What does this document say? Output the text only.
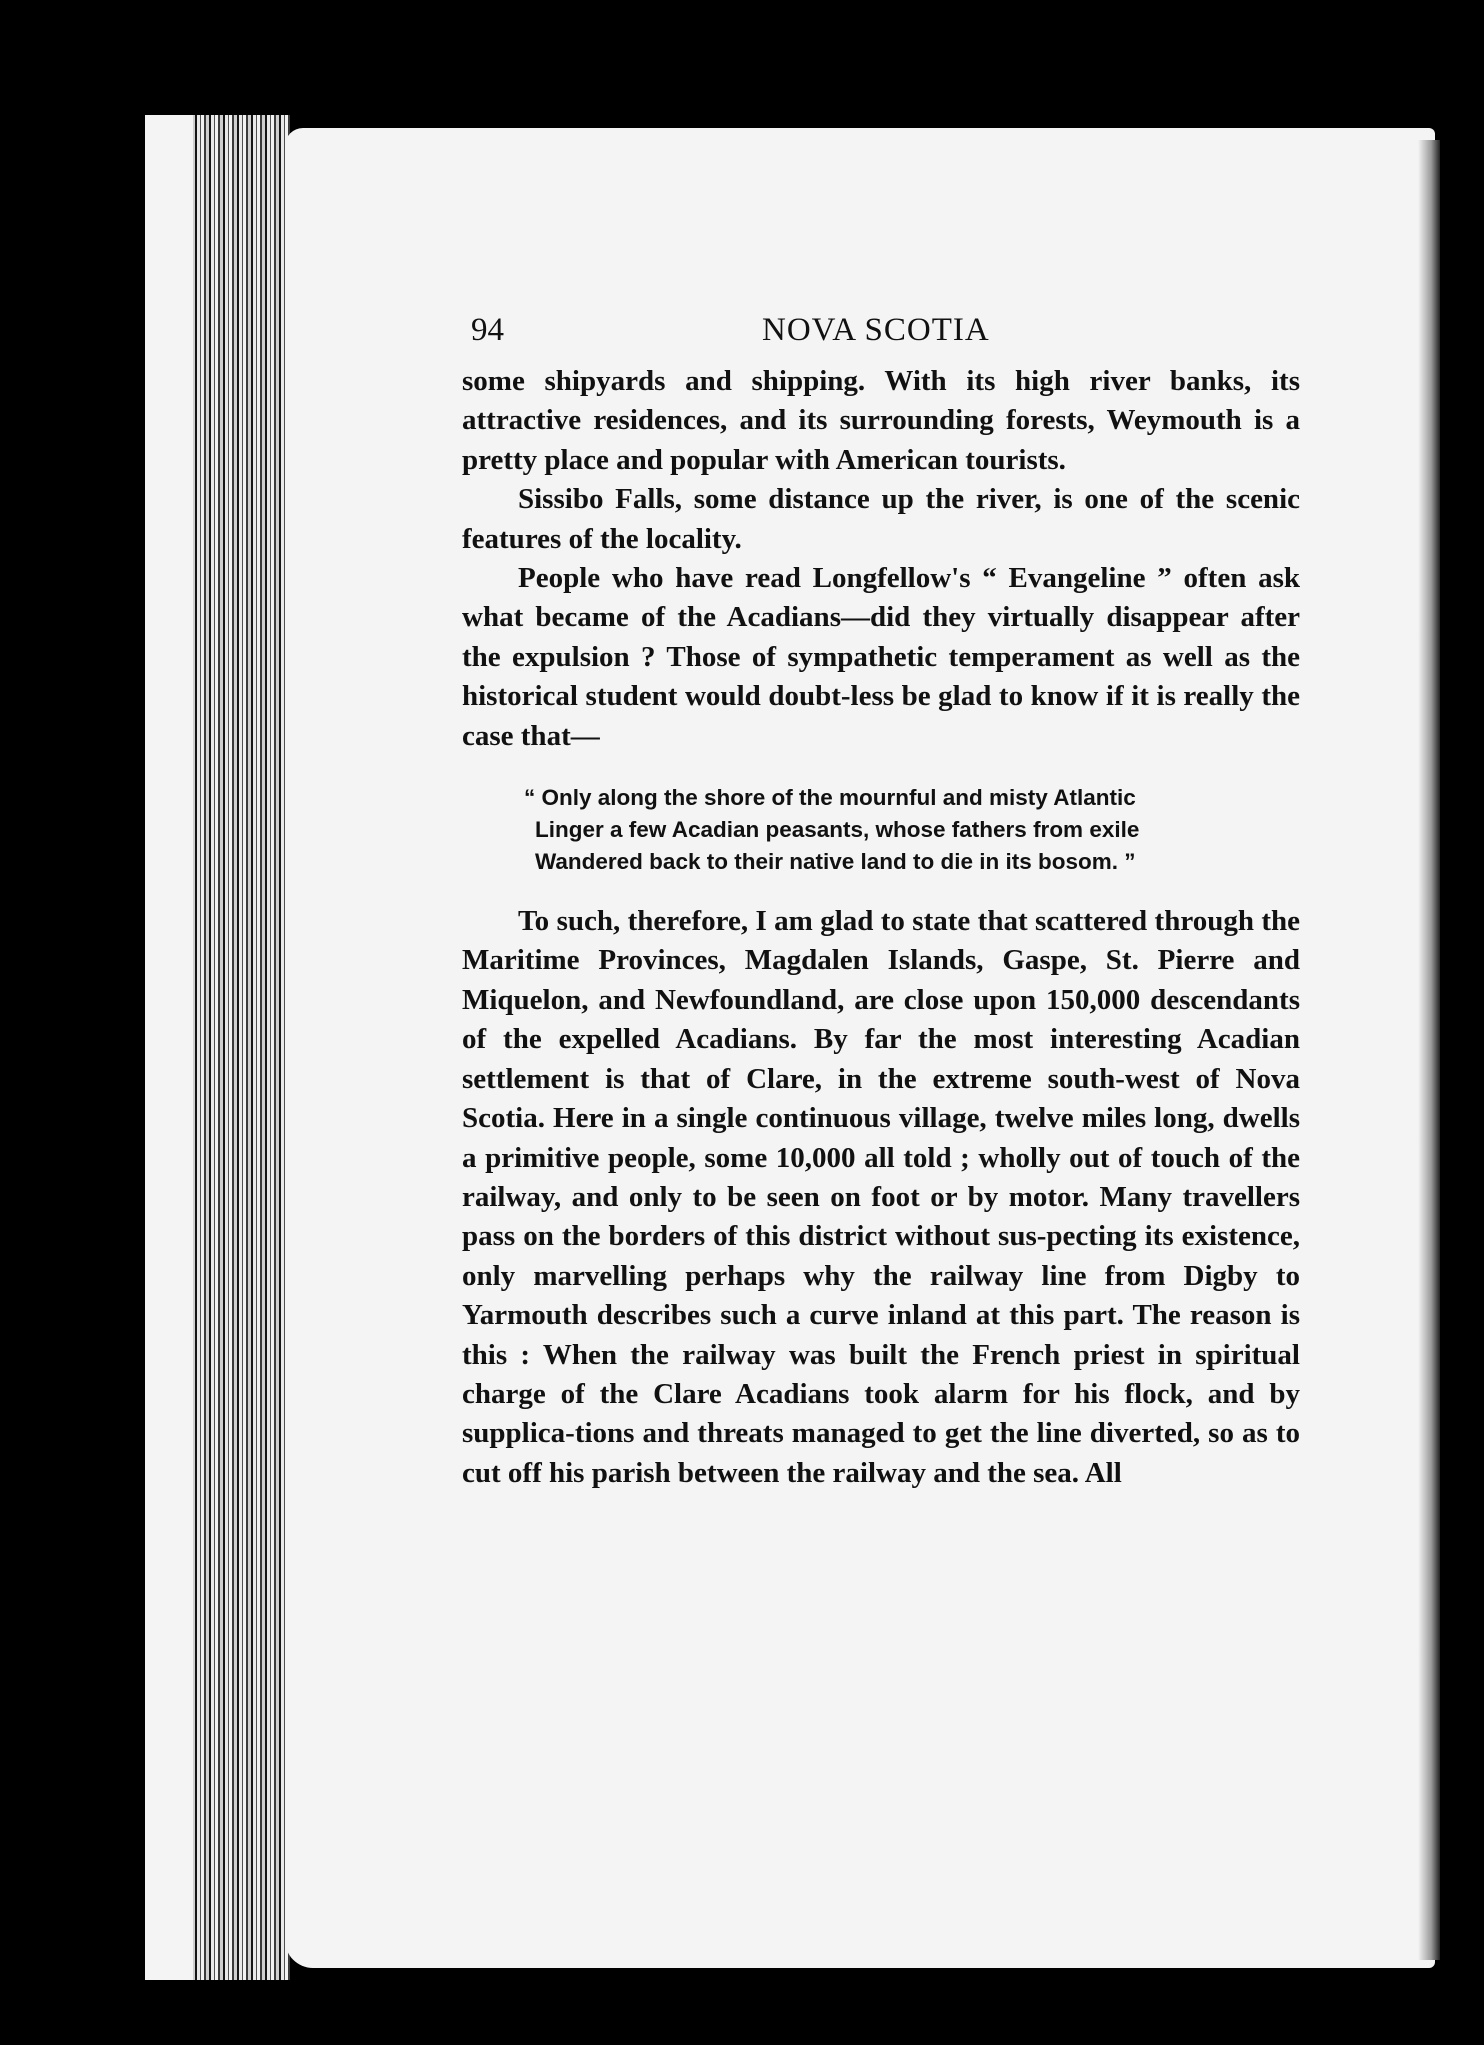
94	NOVA SCOTIA

some shipyards and shipping. With its high river banks, its attractive residences, and its surrounding forests, Weymouth is a pretty place and popular with American tourists.

Sissibo Falls, some distance up the river, is one of the scenic features of the locality.

People who have read Longfellow's “ Evangeline ” often ask what became of the Acadians—did they virtually disappear after the expulsion ? Those of sympathetic temperament as well as the historical student would doubt-less be glad to know if it is really the case that—

“ Only along the shore of the mournful and misty Atlantic
Linger a few Acadian peasants, whose fathers from exile
Wandered back to their native land to die in its bosom. ”

To such, therefore, I am glad to state that scattered through the Maritime Provinces, Magdalen Islands, Gaspe, St. Pierre and Miquelon, and Newfoundland, are close upon 150,000 descendants of the expelled Acadians. By far the most interesting Acadian settlement is that of Clare, in the extreme south-west of Nova Scotia. Here in a single continuous village, twelve miles long, dwells a primitive people, some 10,000 all told ; wholly out of touch of the railway, and only to be seen on foot or by motor. Many travellers pass on the borders of this district without sus-pecting its existence, only marvelling perhaps why the railway line from Digby to Yarmouth describes such a curve inland at this part. The reason is this : When the railway was built the French priest in spiritual charge of the Clare Acadians took alarm for his flock, and by supplica-tions and threats managed to get the line diverted, so as to cut off his parish between the railway and the sea. All
